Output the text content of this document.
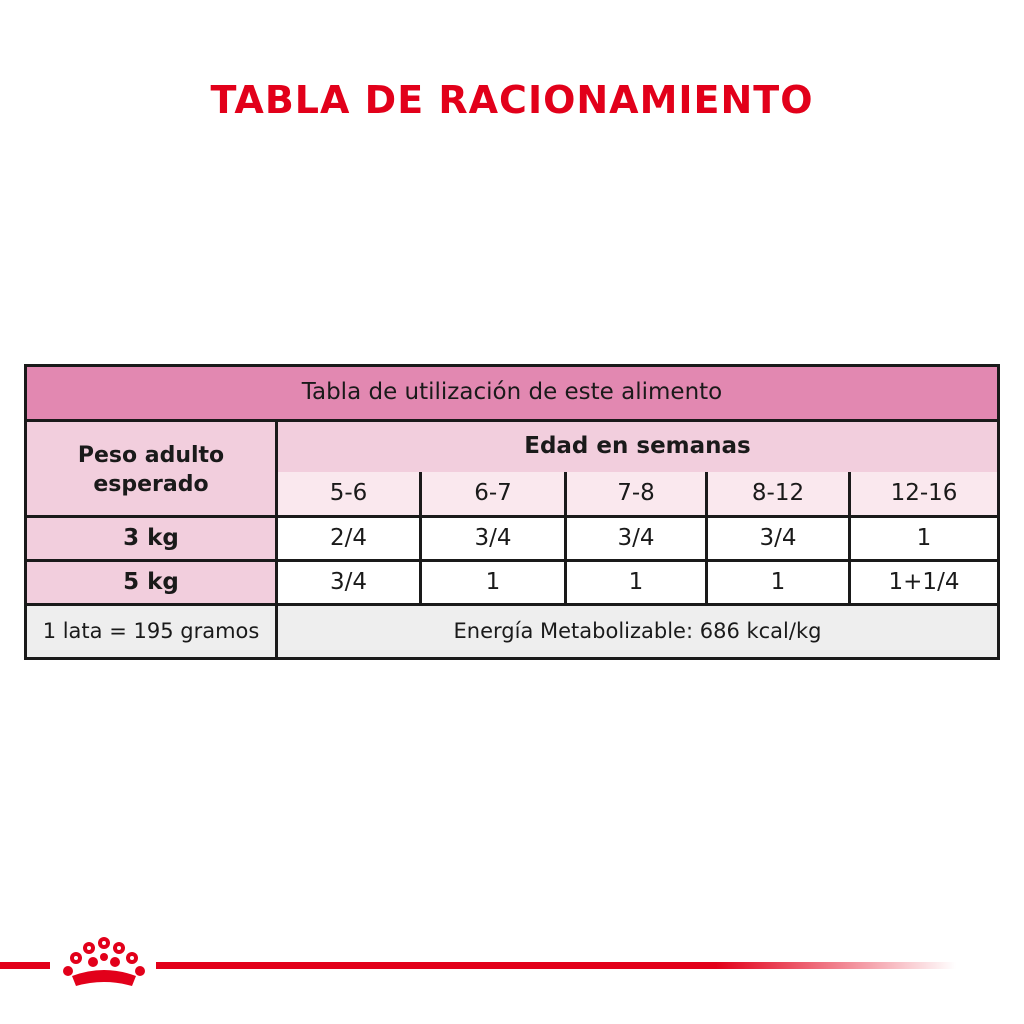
TABLA DE RACIONAMIENTO
Tabla de utilización de este alimento
Peso adulto
esperado
Edad en semanas
5-6	6-7	7-8	8-12	12-16
3 kg	2/4	3/4	3/4	3/4	1
5 kg	3/4	1	1	1	1+1/4
1 lata = 195 gramos	Energía Metabolizable: 686 kcal/kg
